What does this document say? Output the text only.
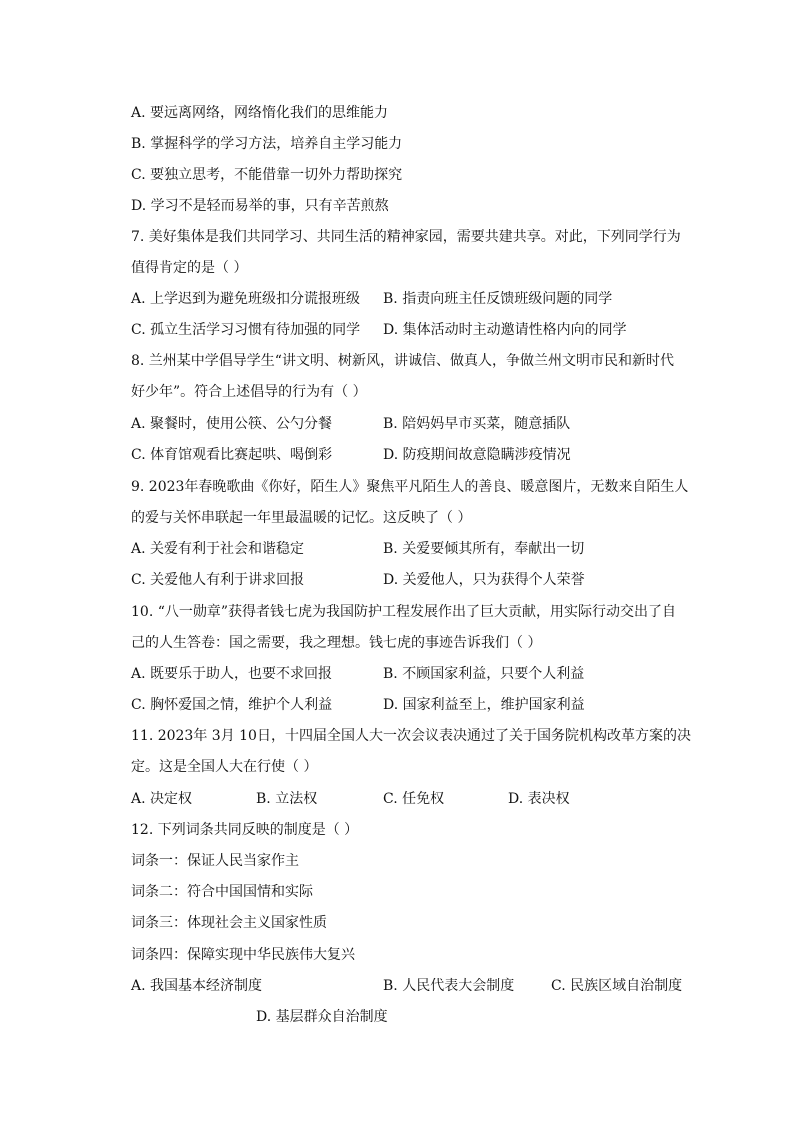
A. 要远离网络，网络惰化我们的思维能力
B. 掌握科学的学习方法，培养自主学习能力
C. 要独立思考，不能借靠一切外力帮助探究
D. 学习不是轻而易举的事，只有辛苦煎熬
7. 美好集体是我们共同学习、共同生活的精神家园，需要共建共享。对此，下列同学行为
值得肯定的是（ ）
A. 上学迟到为避免班级扣分谎报班级 B. 指责向班主任反馈班级问题的同学
C. 孤立生活学习习惯有待加强的同学 D. 集体活动时主动邀请性格内向的同学
8. 兰州某中学倡导学生“讲文明、树新风，讲诚信、做真人，争做兰州文明市民和新时代
好少年”。符合上述倡导的行为有（ ）
A. 聚餐时，使用公筷、公勺分餐	B. 陪妈妈早市买菜，随意插队
C. 体育馆观看比赛起哄、喝倒彩	D. 防疫期间故意隐瞒涉疫情况
9. 2023年春晚歌曲《你好，陌生人》聚焦平凡陌生人的善良、暖意图片，无数来自陌生人
的爱与关怀串联起一年里最温暖的记忆。这反映了（ ）
A. 关爱有利于社会和谐稳定	B. 关爱要倾其所有，奉献出一切
C. 关爱他人有利于讲求回报	D. 关爱他人，只为获得个人荣誉
10. “八一勋章”获得者钱七虎为我国防护工程发展作出了巨大贡献，用实际行动交出了自
己的人生答卷：国之需要，我之理想。钱七虎的事迹告诉我们（ ）
A. 既要乐于助人，也要不求回报	B. 不顾国家利益，只要个人利益
C. 胸怀爱国之情，维护个人利益	D. 国家利益至上，维护国家利益
11. 2023年 3月 10日，十四届全国人大一次会议表决通过了关于国务院机构改革方案的决
定。这是全国人大在行使（ ）
A. 决定权	B. 立法权	C. 任免权	D. 表决权
12. 下列词条共同反映的制度是（ ）
词条一：保证人民当家作主
词条二：符合中国国情和实际
词条三：体现社会主义国家性质
词条四：保障实现中华民族伟大复兴
A. 我国基本经济制度	B. 人民代表大会制度	C. 民族区域自治制度
D. 基层群众自治制度
